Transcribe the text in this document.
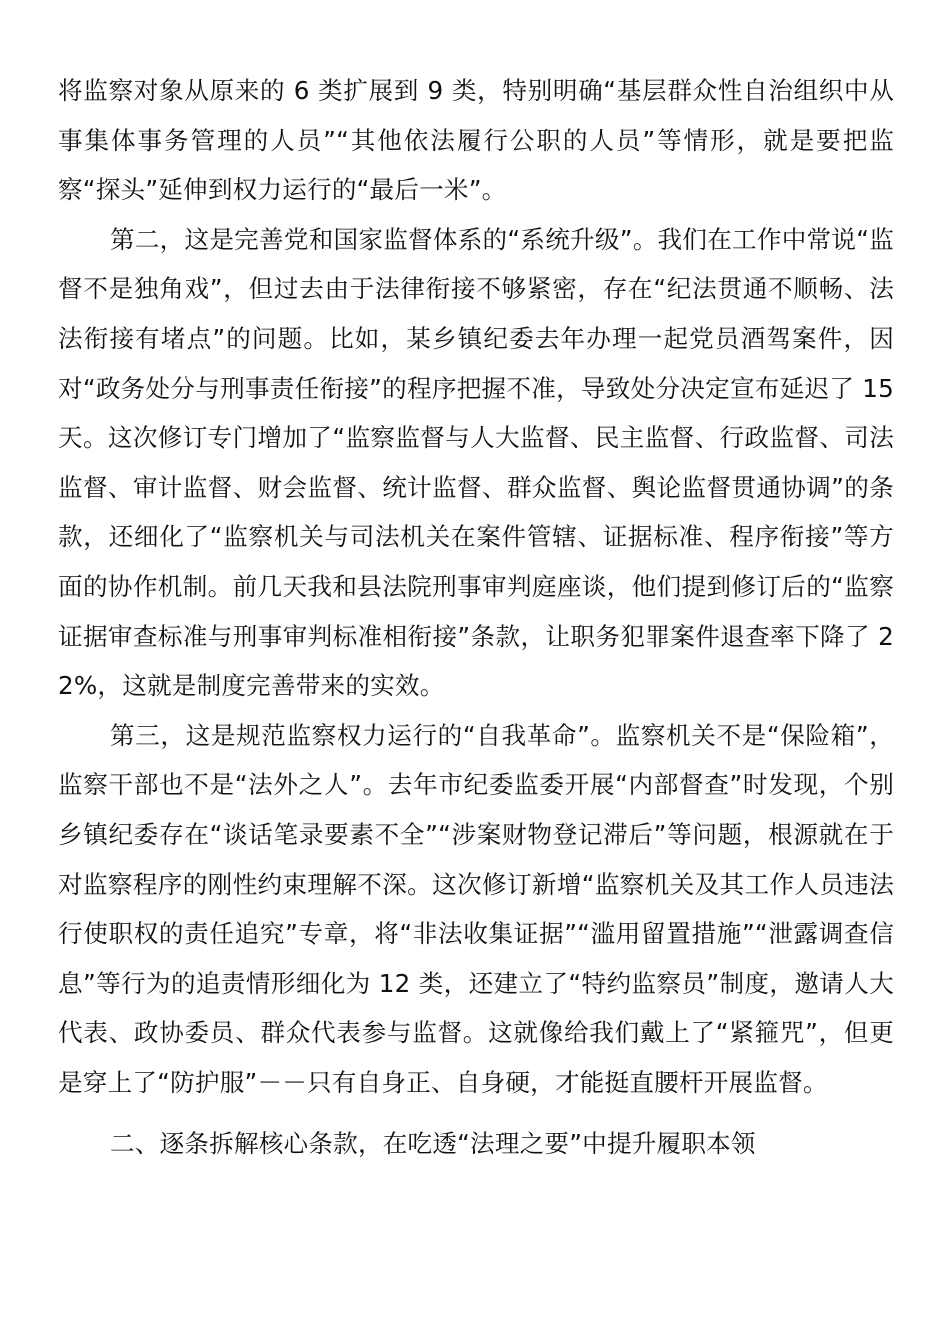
将监察对象从原来的 6 类扩展到 9 类，特别明确“基层群众性自治组织中从事集体事务管理的人员”“其他依法履行公职的人员”等情形，就是要把监察“探头”延伸到权力运行的“最后一米”。

第二，这是完善党和国家监督体系的“系统升级”。我们在工作中常说“监督不是独角戏”，但过去由于法律衔接不够紧密，存在“纪法贯通不顺畅、法法衔接有堵点”的问题。比如，某乡镇纪委去年办理一起党员酒驾案件，因对“政务处分与刑事责任衔接”的程序把握不准，导致处分决定宣布延迟了 15 天。这次修订专门增加了“监察监督与人大监督、民主监督、行政监督、司法监督、审计监督、财会监督、统计监督、群众监督、舆论监督贯通协调”的条款，还细化了“监察机关与司法机关在案件管辖、证据标准、程序衔接”等方面的协作机制。前几天我和县法院刑事审判庭座谈，他们提到修订后的“监察证据审查标准与刑事审判标准相衔接”条款，让职务犯罪案件退查率下降了 22%，这就是制度完善带来的实效。

第三，这是规范监察权力运行的“自我革命”。监察机关不是“保险箱”，监察干部也不是“法外之人”。去年市纪委监委开展“内部督查”时发现，个别乡镇纪委存在“谈话笔录要素不全”“涉案财物登记滞后”等问题，根源就在于对监察程序的刚性约束理解不深。这次修订新增“监察机关及其工作人员违法行使职权的责任追究”专章，将“非法收集证据”“滥用留置措施”“泄露调查信息”等行为的追责情形细化为 12 类，还建立了“特约监察员”制度，邀请人大代表、政协委员、群众代表参与监督。这就像给我们戴上了“紧箍咒”，但更是穿上了“防护服”－－只有自身正、自身硬，才能挺直腰杆开展监督。

二、逐条拆解核心条款，在吃透“法理之要”中提升履职本领
